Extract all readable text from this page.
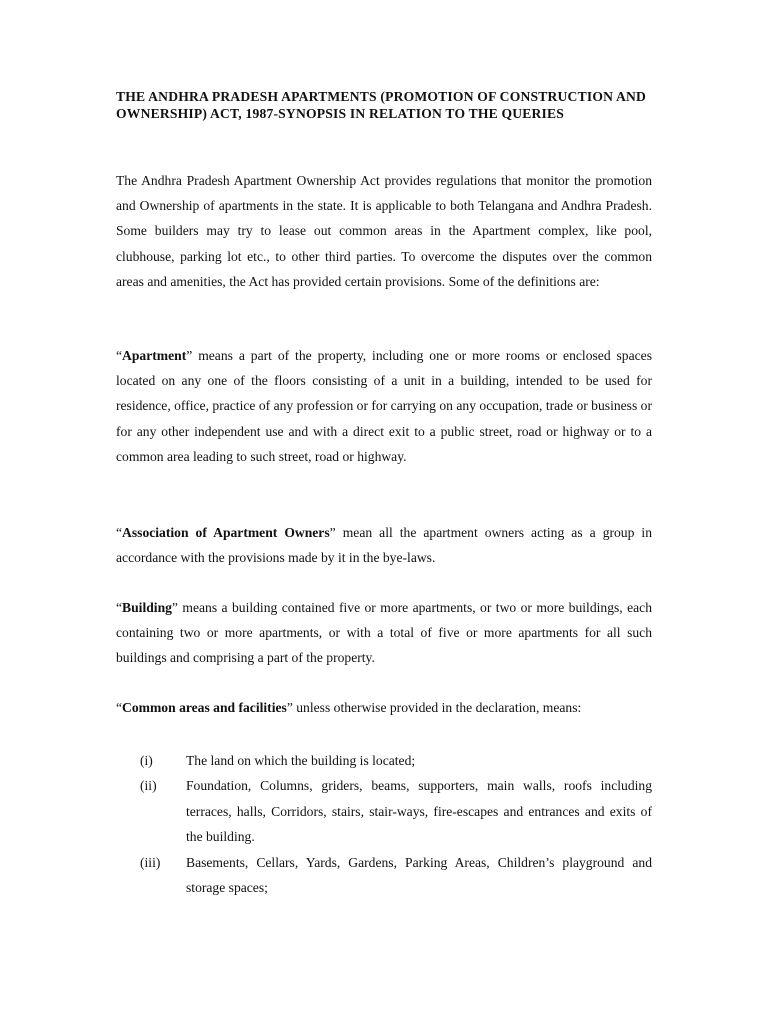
THE ANDHRA PRADESH APARTMENTS (PROMOTION OF CONSTRUCTION AND OWNERSHIP) ACT, 1987-SYNOPSIS IN RELATION TO THE QUERIES

The Andhra Pradesh Apartment Ownership Act provides regulations that monitor the promotion and Ownership of apartments in the state. It is applicable to both Telangana and Andhra Pradesh. Some builders may try to lease out common areas in the Apartment complex, like pool, clubhouse, parking lot etc., to other third parties. To overcome the disputes over the common areas and amenities, the Act has provided certain provisions. Some of the definitions are:

“Apartment” means a part of the property, including one or more rooms or enclosed spaces located on any one of the floors consisting of a unit in a building, intended to be used for residence, office, practice of any profession or for carrying on any occupation, trade or business or for any other independent use and with a direct exit to a public street, road or highway or to a common area leading to such street, road or highway.

“Association of Apartment Owners” mean all the apartment owners acting as a group in accordance with the provisions made by it in the bye-laws.

“Building” means a building contained five or more apartments, or two or more buildings, each containing two or more apartments, or with a total of five or more apartments for all such buildings and comprising a part of the property.

“Common areas and facilities” unless otherwise provided in the declaration, means:

(i) The land on which the building is located;
(ii) Foundation, Columns, griders, beams, supporters, main walls, roofs including terraces, halls, Corridors, stairs, stair-ways, fire-escapes and entrances and exits of the building.
(iii) Basements, Cellars, Yards, Gardens, Parking Areas, Children’s playground and storage spaces;
